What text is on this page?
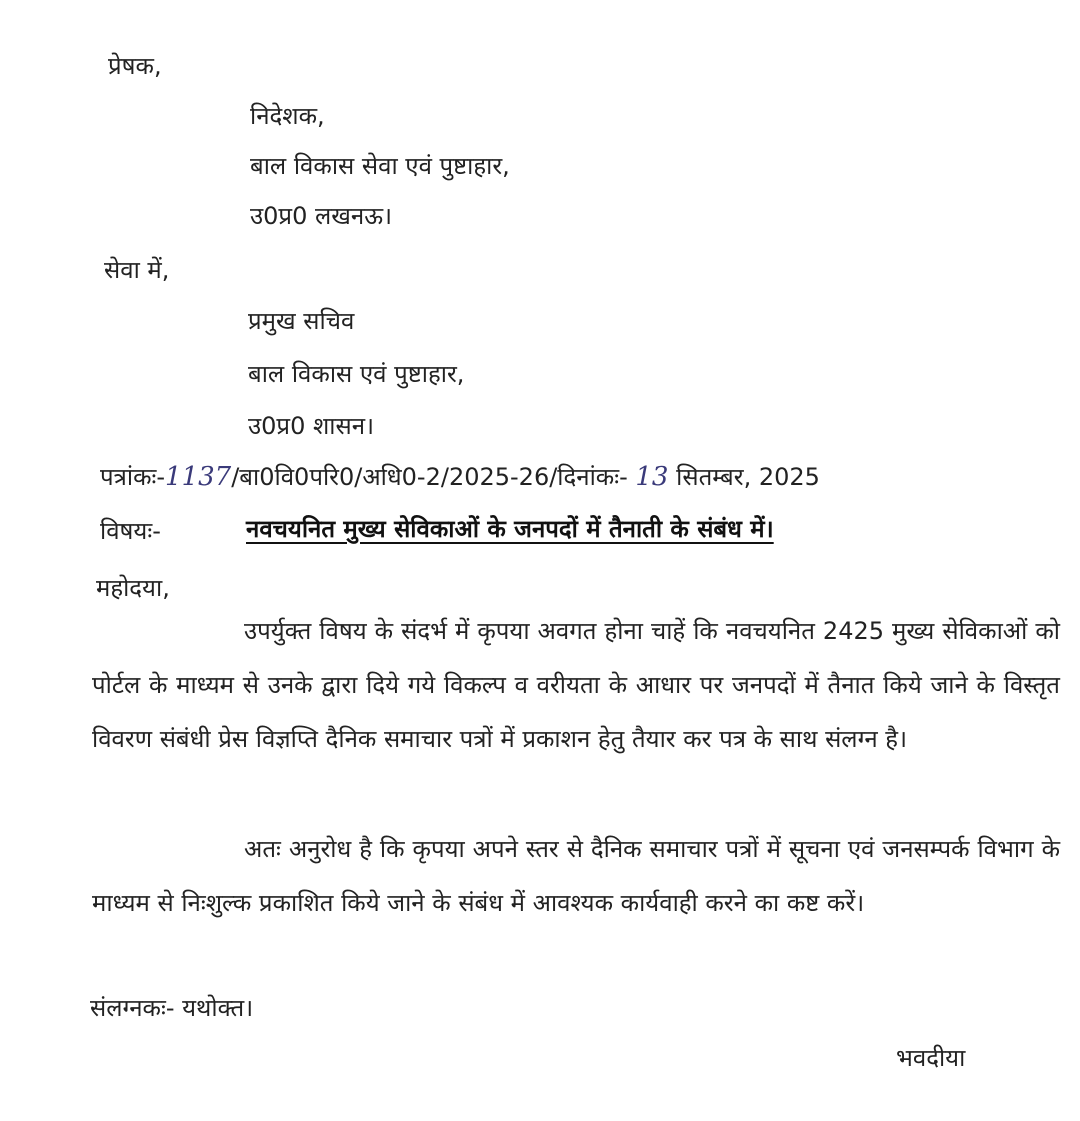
प्रेषक,
निदेशक,
बाल विकास सेवा एवं पुष्टाहार,
उ0प्र0 लखनऊ।
सेवा में,
प्रमुख सचिव
बाल विकास एवं पुष्टाहार,
उ0प्र0 शासन।
पत्रांकः-1137/बा0वि0परि0/अधि0-2/2025-26/दिनांकः- 13 सितम्बर, 2025
विषयः-	नवचयनित मुख्य सेविकाओं के जनपदों में तैनाती के संबंध में।
महोदया,

उपर्युक्त विषय के संदर्भ में कृपया अवगत होना चाहें कि नवचयनित 2425 मुख्य सेविकाओं को पोर्टल के माध्यम से उनके द्वारा दिये गये विकल्प व वरीयता के आधार पर जनपदों में तैनात किये जाने के विस्तृत विवरण संबंधी प्रेस विज्ञप्ति दैनिक समाचार पत्रों में प्रकाशन हेतु तैयार कर पत्र के साथ संलग्न है।

अतः अनुरोध है कि कृपया अपने स्तर से दैनिक समाचार पत्रों में सूचना एवं जनसम्पर्क विभाग के माध्यम से निःशुल्क प्रकाशित किये जाने के संबंध में आवश्यक कार्यवाही करने का कष्ट करें।

संलग्नकः- यथोक्त।
भवदीया
